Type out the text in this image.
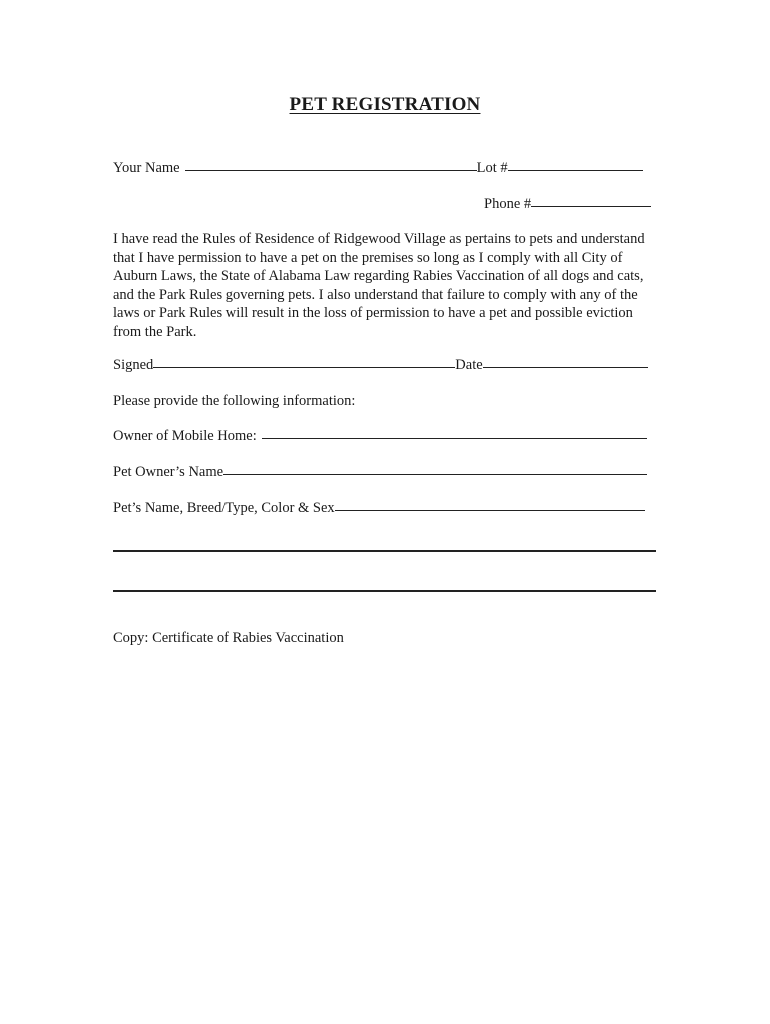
PET REGISTRATION
Your Name	Lot #
Phone #

I have read the Rules of Residence of Ridgewood Village as pertains to pets and understand that I have permission to have a pet on the premises so long as I comply with all City of Auburn Laws, the State of Alabama Law regarding Rabies Vaccination of all dogs and cats, and the Park Rules governing pets. I also understand that failure to comply with any of the laws or Park Rules will result in the loss of permission to have a pet and possible eviction from the Park.

Signed	Date
Please provide the following information:
Owner of Mobile Home:
Pet Owner’s Name
Pet’s Name, Breed/Type, Color & Sex
Copy: Certificate of Rabies Vaccination
